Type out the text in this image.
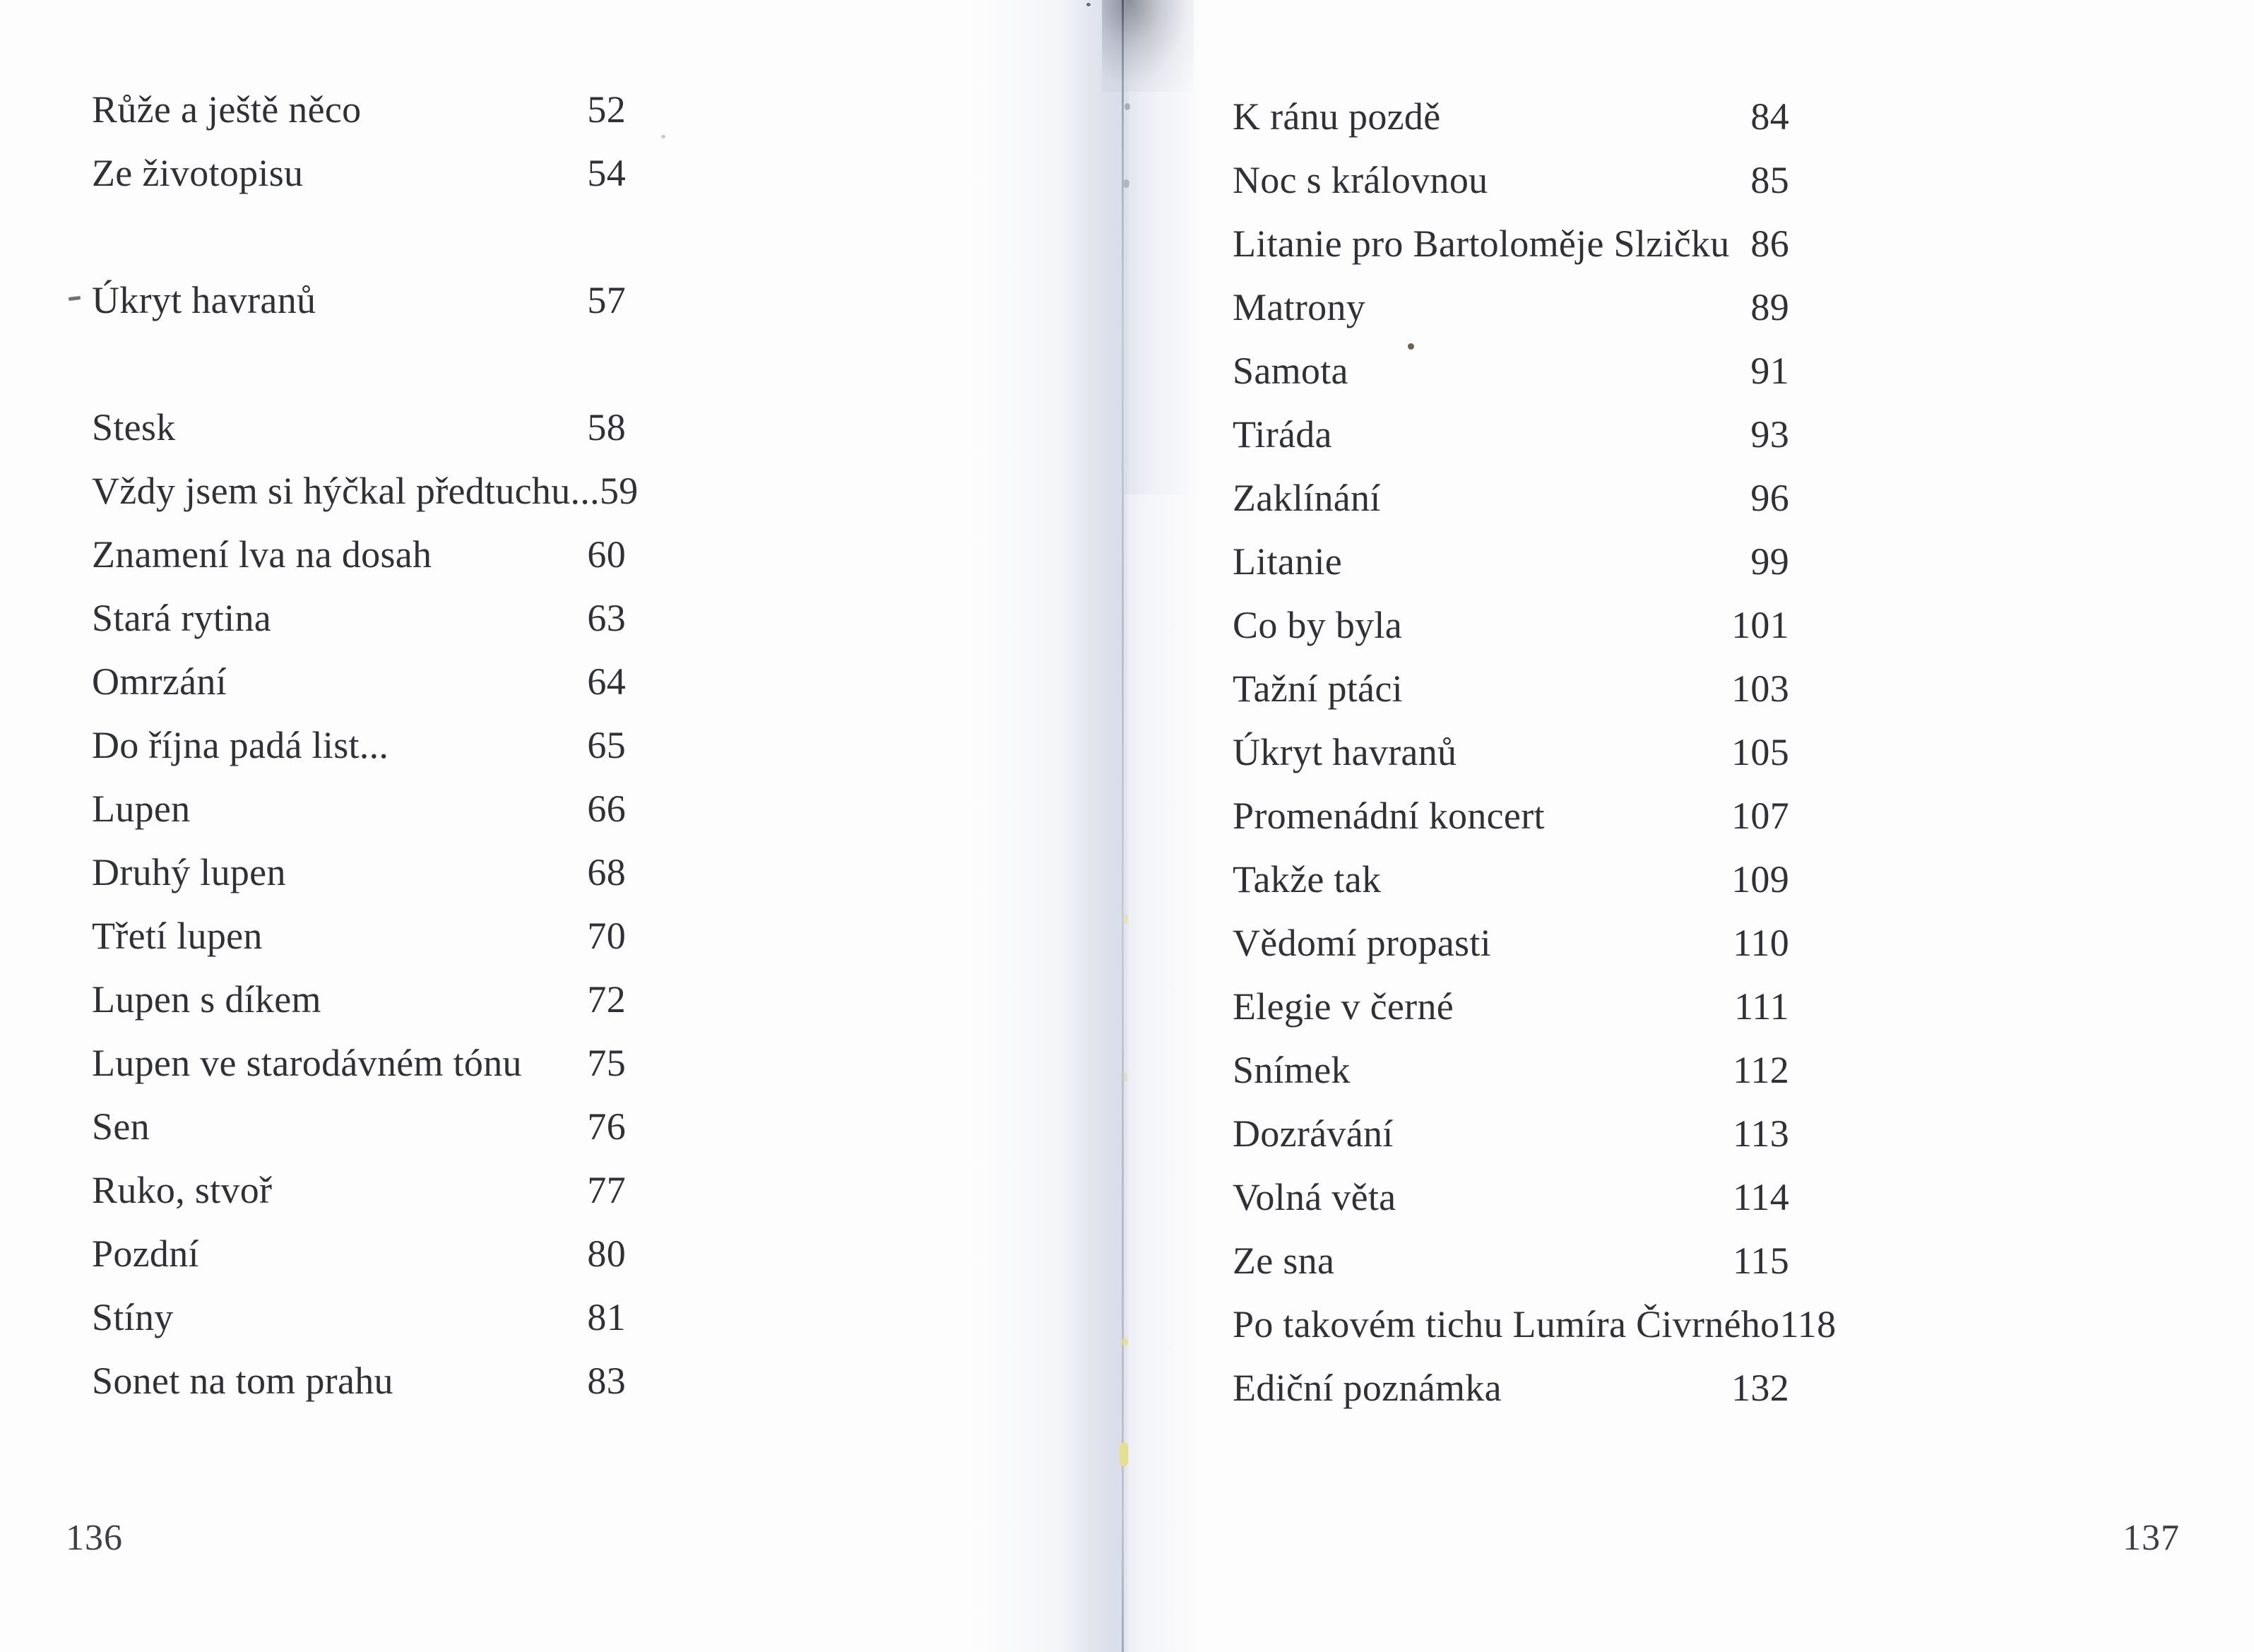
Růže a ještě něco	52
Ze životopisu	54
Úkryt havranů	57
Stesk	58
Vždy jsem si hýčkal předtuchu... 59
Znamení lva na dosah	60
Stará rytina	63
Omrzání	64
Do října padá list...	65
Lupen	66
Druhý lupen	68
Třetí lupen	70
Lupen s díkem	72
Lupen ve starodávném tónu 75
Sen	76
Ruko, stvoř	77
Pozdní	80
Stíny	81
Sonet na tom prahu	83
136
K ránu pozdě	84
Noc s královnou	85
Litanie pro Bartoloměje Slzičku 86
Matrony	89
Samota	91
Tiráda	93
Zaklínání	96
Litanie	99
Co by byla	101
Tažní ptáci	103
Úkryt havranů	105
Promenádní koncert	107
Takže tak	109
Vědomí propasti	110
Elegie v černé	111
Snímek	112
Dozrávání	113
Volná věta	114
Ze sna	115
Po takovém tichu Lumíra Čivrného 118
Ediční poznámka	132
137
